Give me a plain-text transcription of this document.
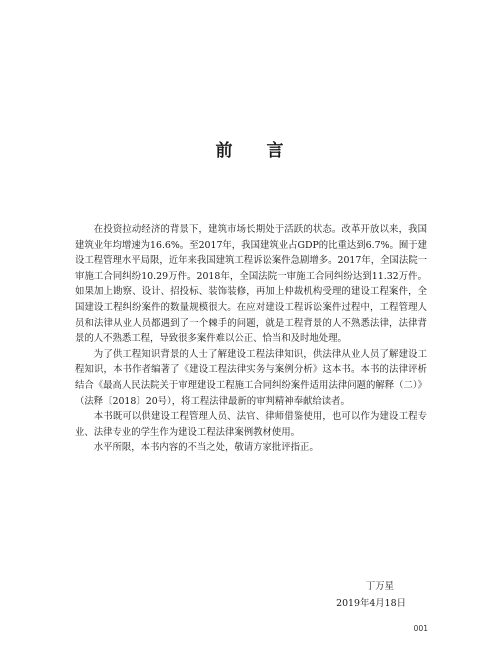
前 言

在投资拉动经济的背景下，建筑市场长期处于活跃的状态。改革开放以来，我国建筑业年均增速为16.6%。至2017年，我国建筑业占GDP的比重达到6.7%。囿于建设工程管理水平局限，近年来我国建筑工程诉讼案件急剧增多。2017年，全国法院一审施工合同纠纷10.29万件。2018年，全国法院一审施工合同纠纷达到11.32万件。如果加上勘察、设计、招投标、装饰装修，再加上仲裁机构受理的建设工程案件，全国建设工程纠纷案件的数量规模很大。在应对建设工程诉讼案件过程中，工程管理人员和法律从业人员都遇到了一个棘手的问题，就是工程背景的人不熟悉法律，法律背景的人不熟悉工程，导致很多案件难以公正、恰当和及时地处理。

为了供工程知识背景的人士了解建设工程法律知识，供法律从业人员了解建设工程知识，本书作者编著了《建设工程法律实务与案例分析》这本书。本书的法律评析结合《最高人民法院关于审理建设工程施工合同纠纷案件适用法律问题的解释（二）》（法释〔2018〕20号），将工程法律最新的审判精神奉献给读者。

本书既可以供建设工程管理人员、法官、律师借鉴使用，也可以作为建设工程专业、法律专业的学生作为建设工程法律案例教材使用。

水平所限，本书内容的不当之处，敬请方家批评指正。

丁万星
2019年4月18日
001
